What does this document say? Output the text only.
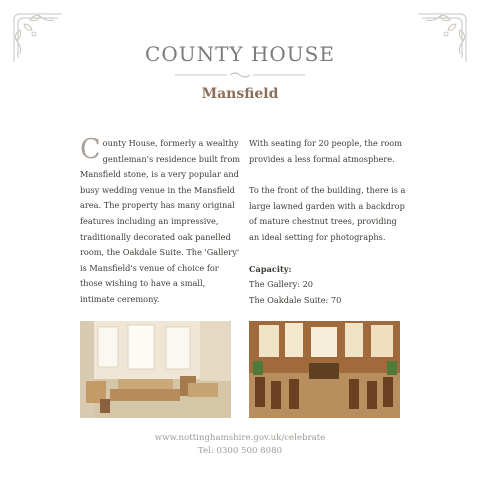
COUNTY HOUSE
Mansfield
C ounty House, formerly a wealthy gentleman's residence built from Mansfield stone, is a very popular and busy wedding venue in the Mansfield area. The property has many original features including an impressive, traditionally decorated oak panelled room, the Oakdale Suite. The 'Gallery' is Mansfield's venue of choice for those wishing to have a small, intimate ceremony.

With seating for 20 people, the room provides a less formal atmosphere.

To the front of the building, there is a large lawned garden with a backdrop of mature chestnut trees, providing an ideal setting for photographs.

Capacity:
The Gallery: 20
The Oakdale Suite: 70
www.nottinghamshire.gov.uk/celebrate
Tel: 0300 500 8080
